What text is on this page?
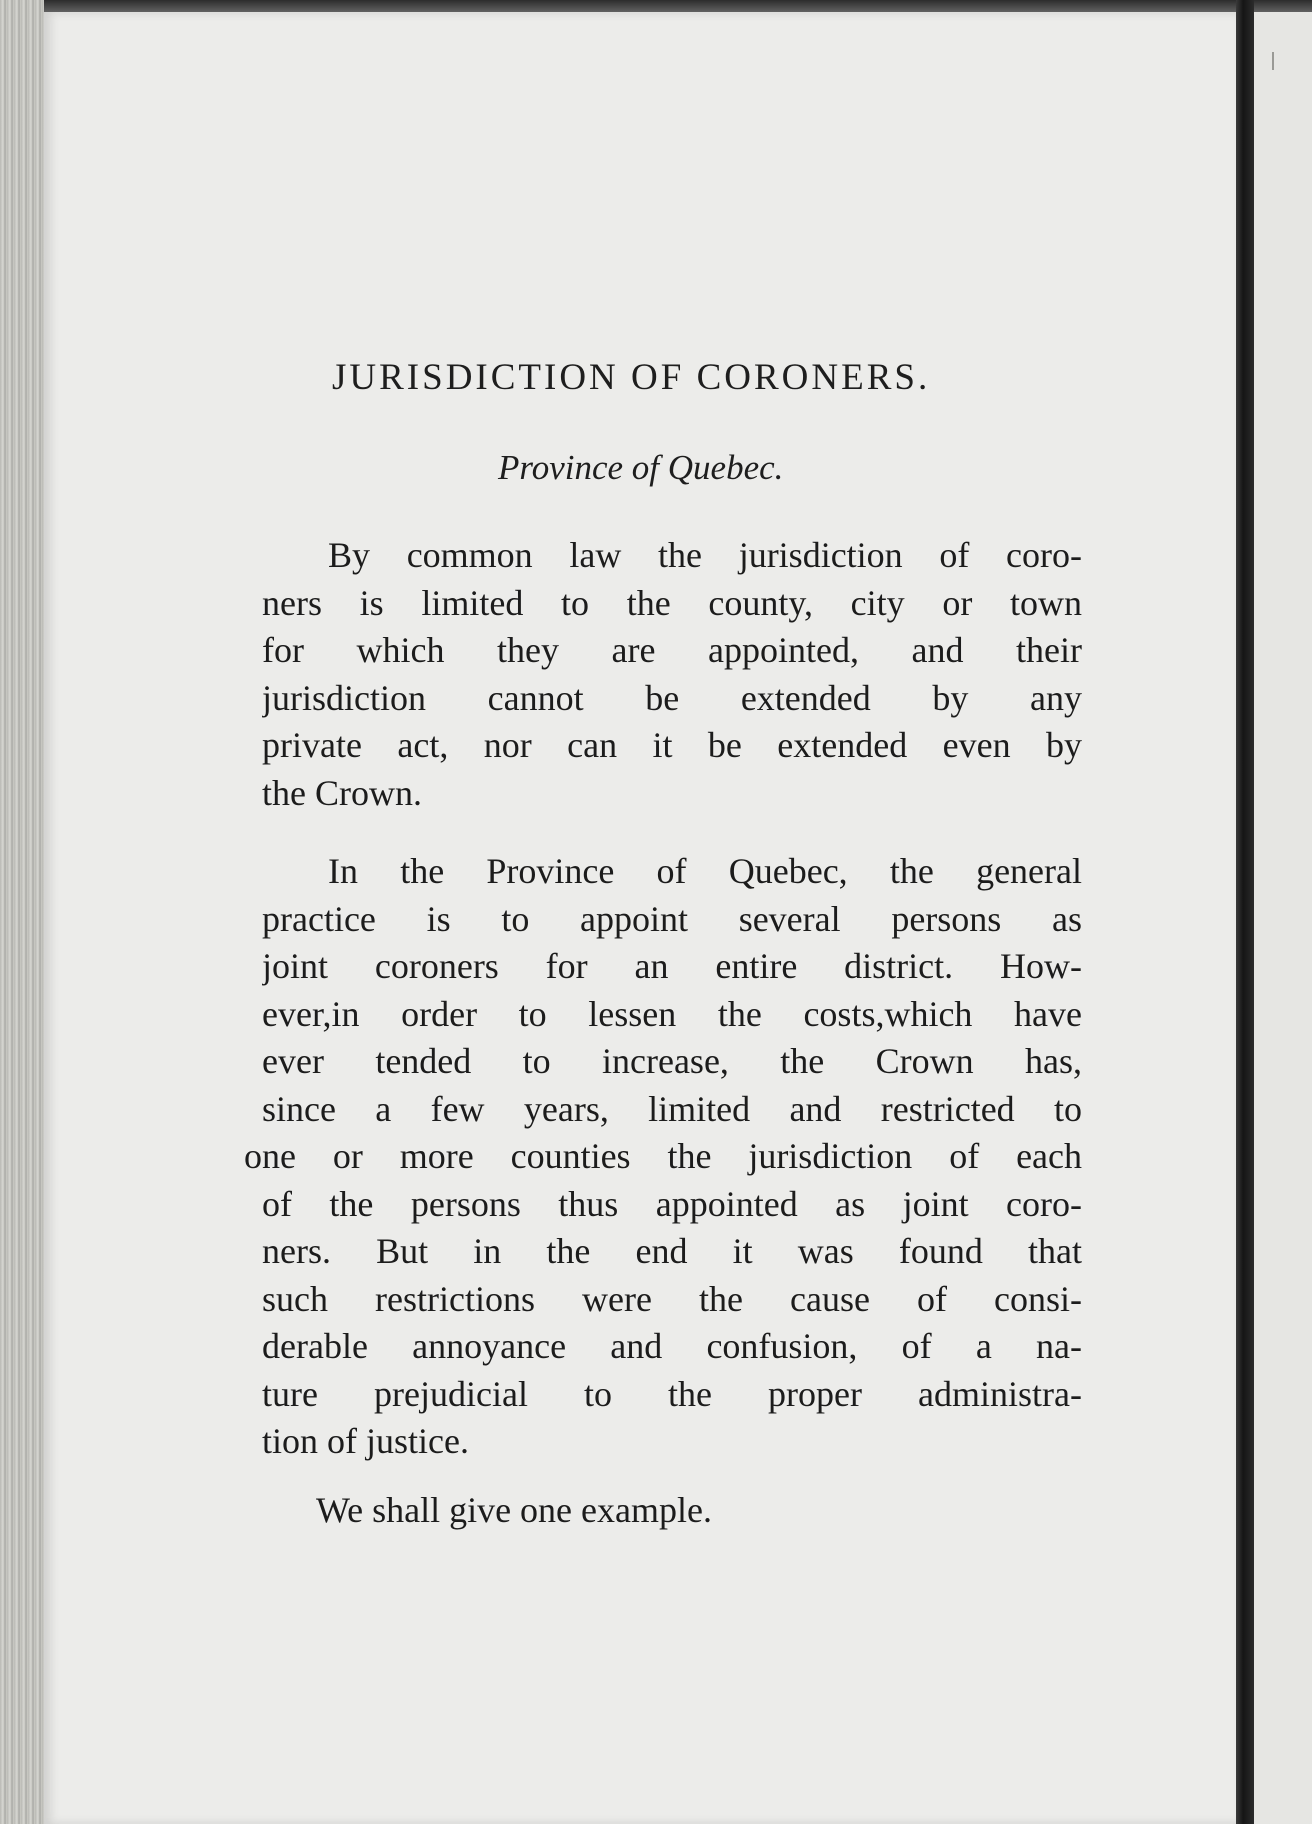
JURISDICTION OF CORONERS.
Province of Quebec.
By common law the jurisdiction of coro-
ners is limited to the county, city or town
for which they are appointed, and their
jurisdiction cannot be extended by any
private act, nor can it be extended even by
the Crown.
In the Province of Quebec, the general
practice is to appoint several persons as
joint coroners for an entire district. How-
ever,in order to lessen the costs,which have
ever tended to increase, the Crown has,
since a few years, limited and restricted to
one or more counties the jurisdiction of each
of the persons thus appointed as joint coro-
ners. But in the end it was found that
such restrictions were the cause of consi-
derable annoyance and confusion, of a na-
ture prejudicial to the proper administra-
tion of justice.
We shall give one example.
